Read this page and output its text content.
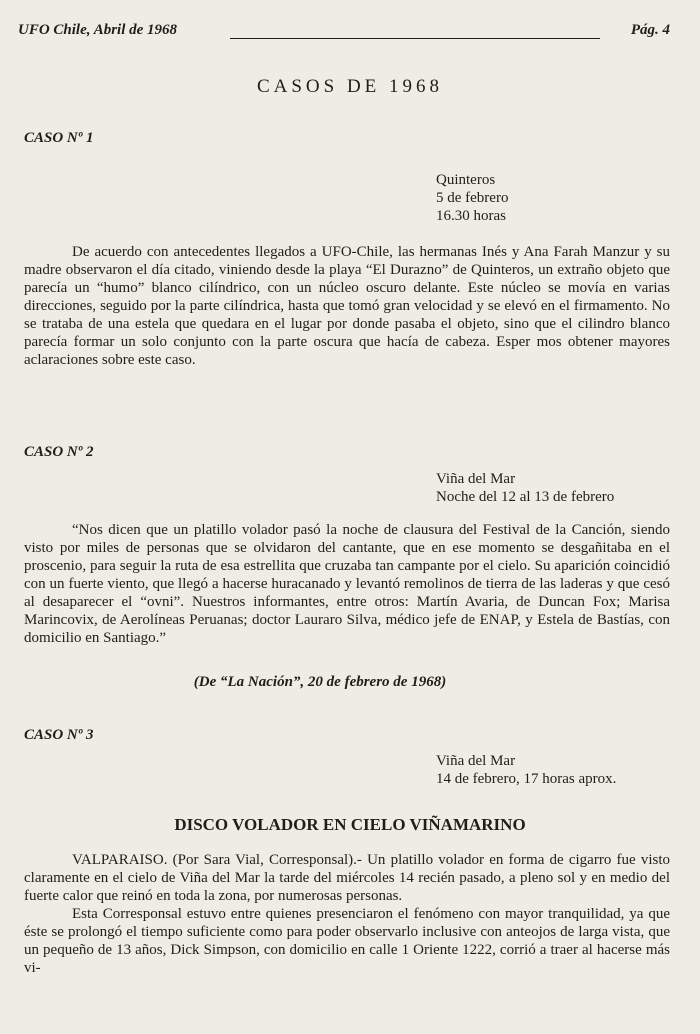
UFO Chile, Abril de 1968	Pág. 4
CASOS DE 1968
CASO Nº 1
Quinteros
5 de febrero
16.30 horas

De acuerdo con antecedentes llegados a UFO-Chile, las hermanas Inés y Ana Farah Manzur y su madre observaron el día citado, viniendo desde la playa “El Durazno” de Quinteros, un extraño objeto que parecía un “humo” blanco cilíndrico, con un núcleo oscuro delante. Este núcleo se movía en varias direcciones, seguido por la parte cilíndrica, hasta que tomó gran velocidad y se elevó en el firmamento. No se trataba de una estela que quedara en el lugar por donde pasaba el objeto, sino que el cilindro blanco parecía formar un solo conjunto con la parte oscura que hacía de cabeza. Esper mos obtener mayores aclaraciones sobre este caso.

CASO Nº 2
Viña del Mar
Noche del 12 al 13 de febrero

“Nos dicen que un platillo volador pasó la noche de clausura del Festival de la Canción, siendo visto por miles de personas que se olvidaron del cantante, que en ese momento se desgañitaba en el proscenio, para seguir la ruta de esa estrellita que cruzaba tan campante por el cielo. Su aparición coincidió con un fuerte viento, que llegó a hacerse huracanado y levantó remolinos de tierra de las laderas y que cesó al desaparecer el “ovni”. Nuestros informantes, entre otros: Martín Avaria, de Duncan Fox; Marisa Marincovix, de Aerolíneas Peruanas; doctor Lauraro Silva, médico jefe de ENAP, y Estela de Bastías, con domicilio en Santiago.”

(De “La Nación”, 20 de febrero de 1968)
CASO Nº 3
Viña del Mar
14 de febrero, 17 horas aprox.
DISCO VOLADOR EN CIELO VIÑAMARINO

VALPARAISO. (Por Sara Vial, Corresponsal).- Un platillo volador en forma de cigarro fue visto claramente en el cielo de Viña del Mar la tarde del miércoles 14 recién pasado, a pleno sol y en medio del fuerte calor que reinó en toda la zona, por numerosas personas.

Esta Corresponsal estuvo entre quienes presenciaron el fenómeno con mayor tranquilidad, ya que éste se prolongó el tiempo suficiente como para poder observarlo inclusive con anteojos de larga vista, que un pequeño de 13 años, Dick Simpson, con domicilio en calle 1 Oriente 1222, corrió a traer al hacerse más vi-
